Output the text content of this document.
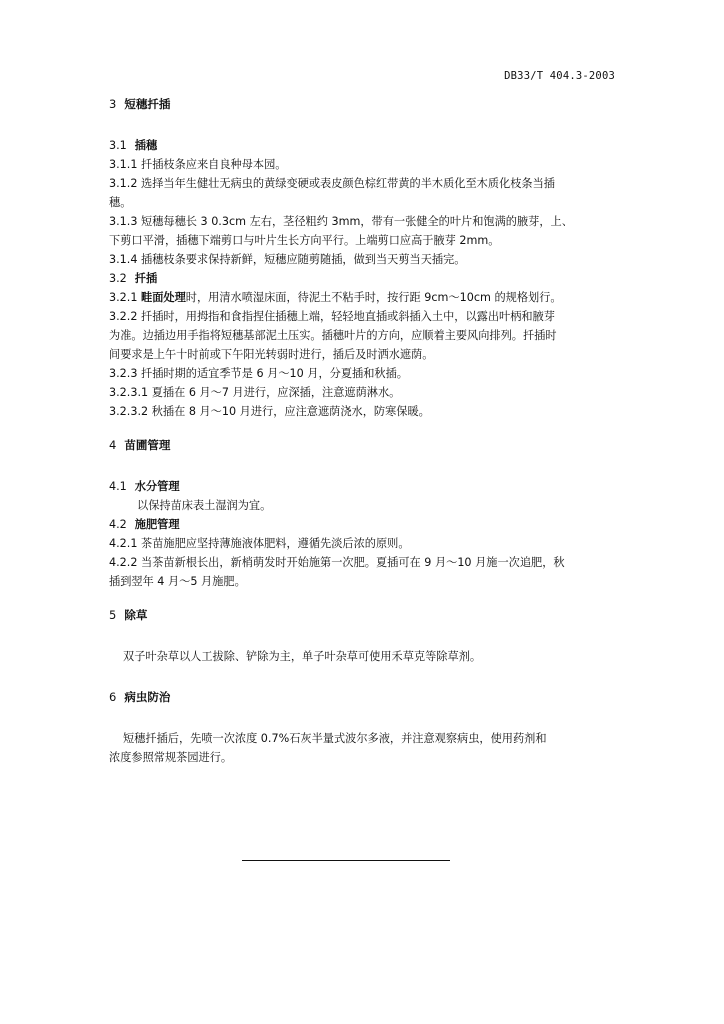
DB33/T 404.3-2003
3 短穗扦插
3.1 插穗
3.1.1 扦插枝条应来自良种母本园。
3.1.2 选择当年生健壮无病虫的黄绿变硬或表皮颜色棕红带黄的半木质化至木质化枝条当插
穗。
3.1.3 短穗每穗长 3 0.3cm 左右，茎径粗约 3mm，带有一张健全的叶片和饱满的腋芽，上、
下剪口平滑，插穗下端剪口与叶片生长方向平行。上端剪口应高于腋芽 2mm。
3.1.4 插穗枝条要求保持新鲜，短穗应随剪随插，做到当天剪当天插完。
3.2 扦插
3.2.1 畦面处理时，用清水喷湿床面，待泥土不粘手时，按行距 9cm～10cm 的规格划行。
3.2.2 扦插时，用拇指和食指捏住插穗上端，轻轻地直插或斜插入土中，以露出叶柄和腋芽
为准。边插边用手指将短穗基部泥土压实。插穗叶片的方向，应顺着主要风向排列。扦插时
间要求是上午十时前或下午阳光转弱时进行，插后及时洒水遮荫。
3.2.3 扦插时期的适宜季节是 6 月～10 月，分夏插和秋插。
3.2.3.1 夏插在 6 月～7 月进行，应深插，注意遮荫淋水。
3.2.3.2 秋插在 8 月～10 月进行，应注意遮荫浇水，防寒保暖。
4 苗圃管理
4.1 水分管理
以保持苗床表土湿润为宜。
4.2 施肥管理
4.2.1 茶苗施肥应坚持薄施液体肥料，遵循先淡后浓的原则。
4.2.2 当茶苗新根长出，新梢萌发时开始施第一次肥。夏插可在 9 月～10 月施一次追肥，秋
插到翌年 4 月～5 月施肥。
5 除草
双子叶杂草以人工拔除、铲除为主，单子叶杂草可使用禾草克等除草剂。
6 病虫防治
短穗扦插后，先喷一次浓度 0.7%石灰半量式波尔多液，并注意观察病虫，使用药剂和
浓度参照常规茶园进行。
